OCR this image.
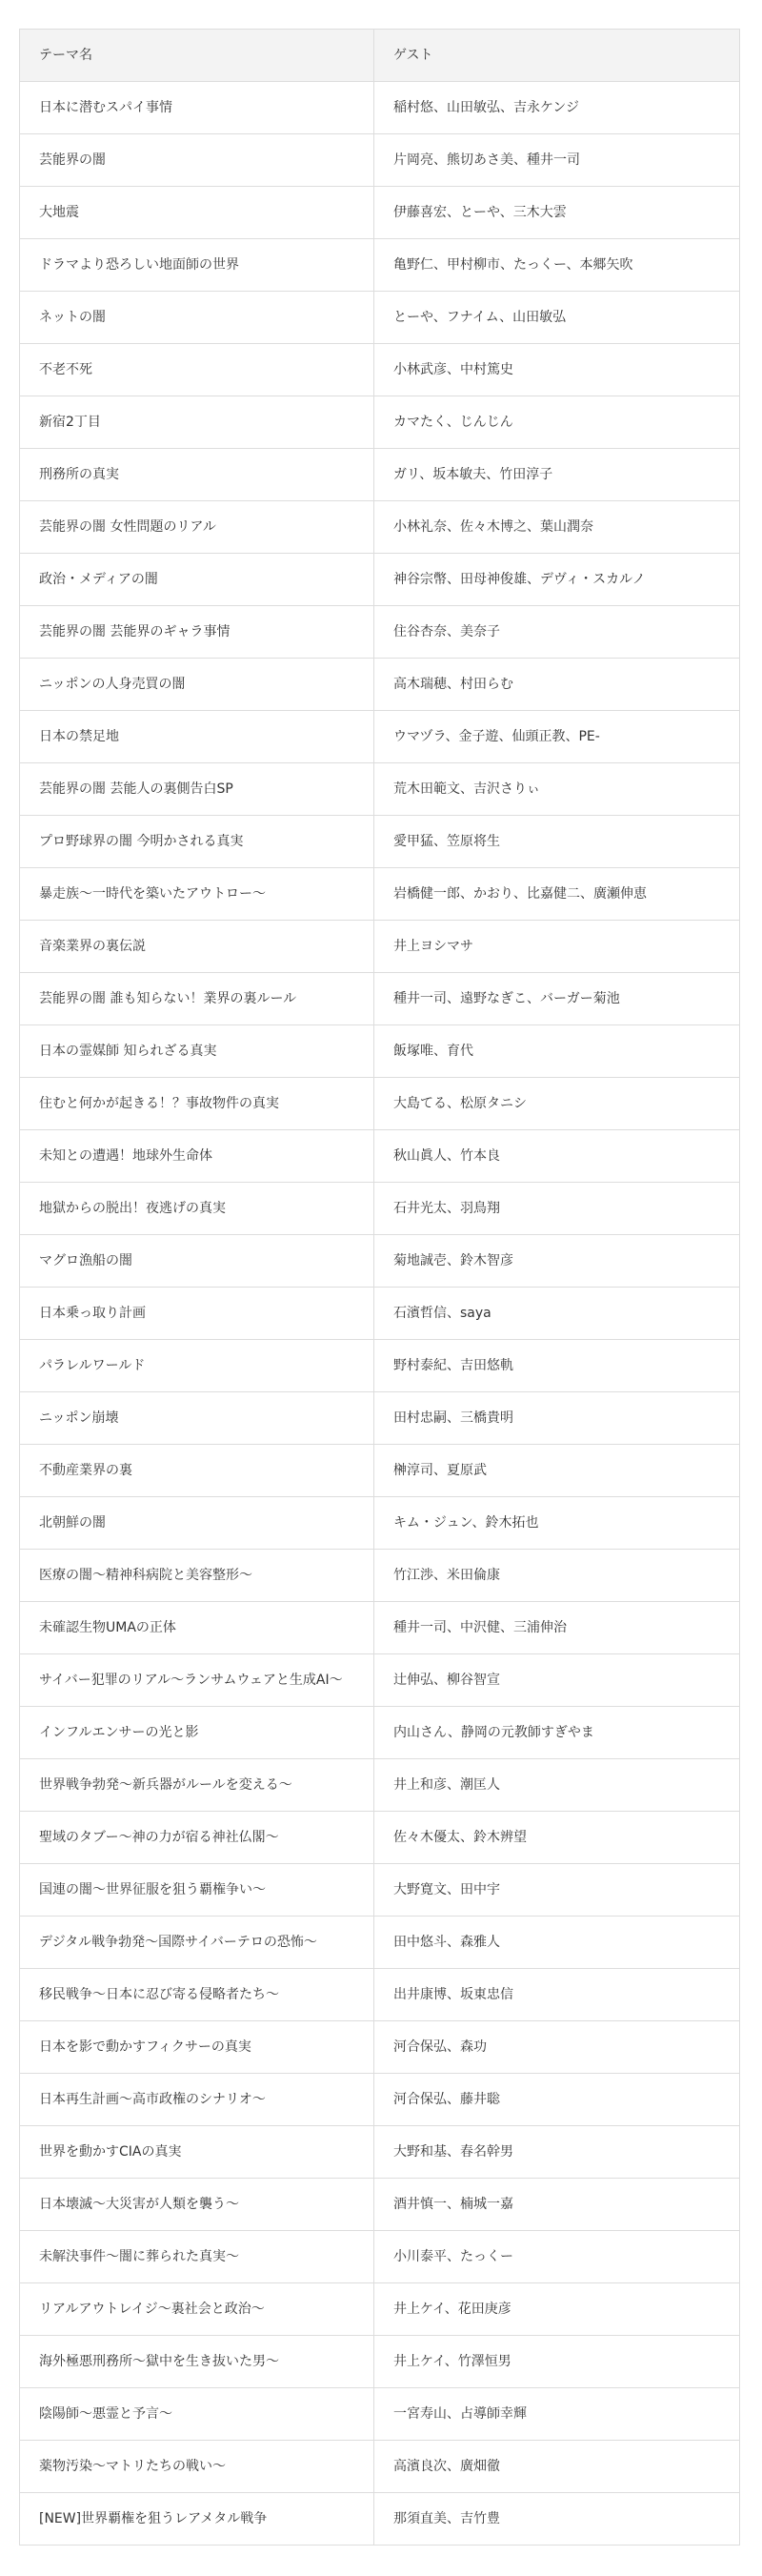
テーマ名	ゲスト
日本に潜むスパイ事情	稲村悠、山田敏弘、吉永ケンジ
芸能界の闇	片岡亮、熊切あさ美、種井一司
大地震	伊藤喜宏、とーや、三木大雲
ドラマより恐ろしい地面師の世界	亀野仁、甲村柳市、たっくー、本郷矢吹
ネットの闇	とーや、フナイム、山田敏弘
不老不死	小林武彦、中村篤史
新宿2丁目	カマたく、じんじん
刑務所の真実	ガリ、坂本敏夫、竹田淳子
芸能界の闇 女性問題のリアル	小林礼奈、佐々木博之、葉山潤奈
政治・メディアの闇	神谷宗幣、田母神俊雄、デヴィ・スカルノ
芸能界の闇 芸能界のギャラ事情	住谷杏奈、美奈子
ニッポンの人身売買の闇	高木瑞穂、村田らむ
日本の禁足地	ウマヅラ、金子遊、仙頭正教、PE-
芸能界の闇 芸能人の裏側告白SP	荒木田範文、吉沢さりぃ
プロ野球界の闇 今明かされる真実	愛甲猛、笠原将生
暴走族〜一時代を築いたアウトロー〜	岩橋健一郎、かおり、比嘉健二、廣瀬伸恵
音楽業界の裏伝説	井上ヨシマサ
芸能界の闇 誰も知らない！業界の裏ルール	種井一司、遠野なぎこ、バーガー菊池
日本の霊媒師 知られざる真実	飯塚唯、育代
住むと何かが起きる！？事故物件の真実	大島てる、松原タニシ
未知との遭遇！地球外生命体	秋山眞人、竹本良
地獄からの脱出！夜逃げの真実	石井光太、羽鳥翔
マグロ漁船の闇	菊地誠壱、鈴木智彦
日本乗っ取り計画	石濱哲信、saya
パラレルワールド	野村泰紀、吉田悠軌
ニッポン崩壊	田村忠嗣、三橋貴明
不動産業界の裏	榊淳司、夏原武
北朝鮮の闇	キム・ジュン、鈴木拓也
医療の闇〜精神科病院と美容整形〜	竹江渉、米田倫康
未確認生物UMAの正体	種井一司、中沢健、三浦伸治
サイバー犯罪のリアル〜ランサムウェアと生成AI〜	辻伸弘、柳谷智宣
インフルエンサーの光と影	内山さん、静岡の元教師すぎやま
世界戦争勃発〜新兵器がルールを変える〜	井上和彦、潮匡人
聖域のタブー〜神の力が宿る神社仏閣〜	佐々木優太、鈴木辨望
国連の闇〜世界征服を狙う覇権争い〜	大野寛文、田中宇
デジタル戦争勃発〜国際サイバーテロの恐怖〜	田中悠斗、森雅人
移民戦争〜日本に忍び寄る侵略者たち〜	出井康博、坂東忠信
日本を影で動かすフィクサーの真実	河合保弘、森功
日本再生計画〜高市政権のシナリオ〜	河合保弘、藤井聡
世界を動かすCIAの真実	大野和基、春名幹男
日本壊滅〜大災害が人類を襲う〜	酒井慎一、楠城一嘉
未解決事件〜闇に葬られた真実〜	小川泰平、たっくー
リアルアウトレイジ〜裏社会と政治〜	井上ケイ、花田庚彦
海外極悪刑務所〜獄中を生き抜いた男〜	井上ケイ、竹澤恒男
陰陽師〜悪霊と予言〜	一宮寿山、占導師幸輝
薬物汚染〜マトリたちの戦い〜	高濱良次、廣畑徹
[NEW]世界覇権を狙うレアメタル戦争	那須直美、吉竹豊
